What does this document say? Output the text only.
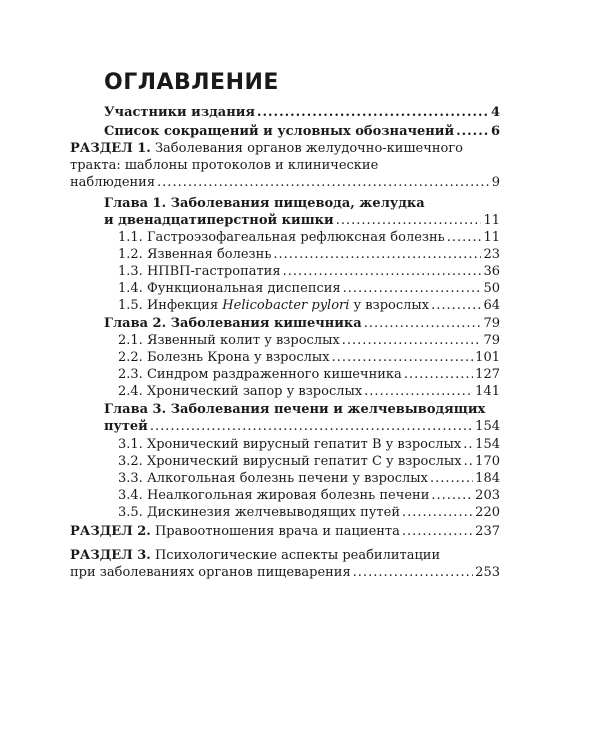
ОГЛАВЛЕНИЕ
Участники издания .....	4
Список сокращений и условных обозначений .....	6
РАЗДЕЛ 1. Заболевания органов желудочно-кишечного
тракта: шаблоны протоколов и клинические
наблюдения .....	9
Глава 1. Заболевания пищевода, желудка
и двенадцатиперстной кишки .....	11
1.1. Гастроэзофагеальная рефлюксная болезнь .....	11
1.2. Язвенная болезнь .....	23
1.3. НПВП-гастропатия .....	36
1.4. Функциональная диспепсия .....	50
1.5. Инфекция Helicobacter pylori у взрослых .....	64
Глава 2. Заболевания кишечника .....	79
2.1. Язвенный колит у взрослых .....	79
2.2. Болезнь Крона у взрослых .....	101
2.3. Синдром раздраженного кишечника .....	127
2.4. Хронический запор у взрослых .....	141
Глава 3. Заболевания печени и желчевыводящих
путей .....	154
3.1. Хронический вирусный гепатит B у взрослых ..... 154
3.2. Хронический вирусный гепатит C у взрослых ..... 170
3.3. Алкогольная болезнь печени у взрослых .....	184
3.4. Неалкогольная жировая болезнь печени .....	203
3.5. Дискинезия желчевыводящих путей .....	220
РАЗДЕЛ 2. Правоотношения врача и пациента .....	237
РАЗДЕЛ 3. Психологические аспекты реабилитации
при заболеваниях органов пищеварения .....	253
